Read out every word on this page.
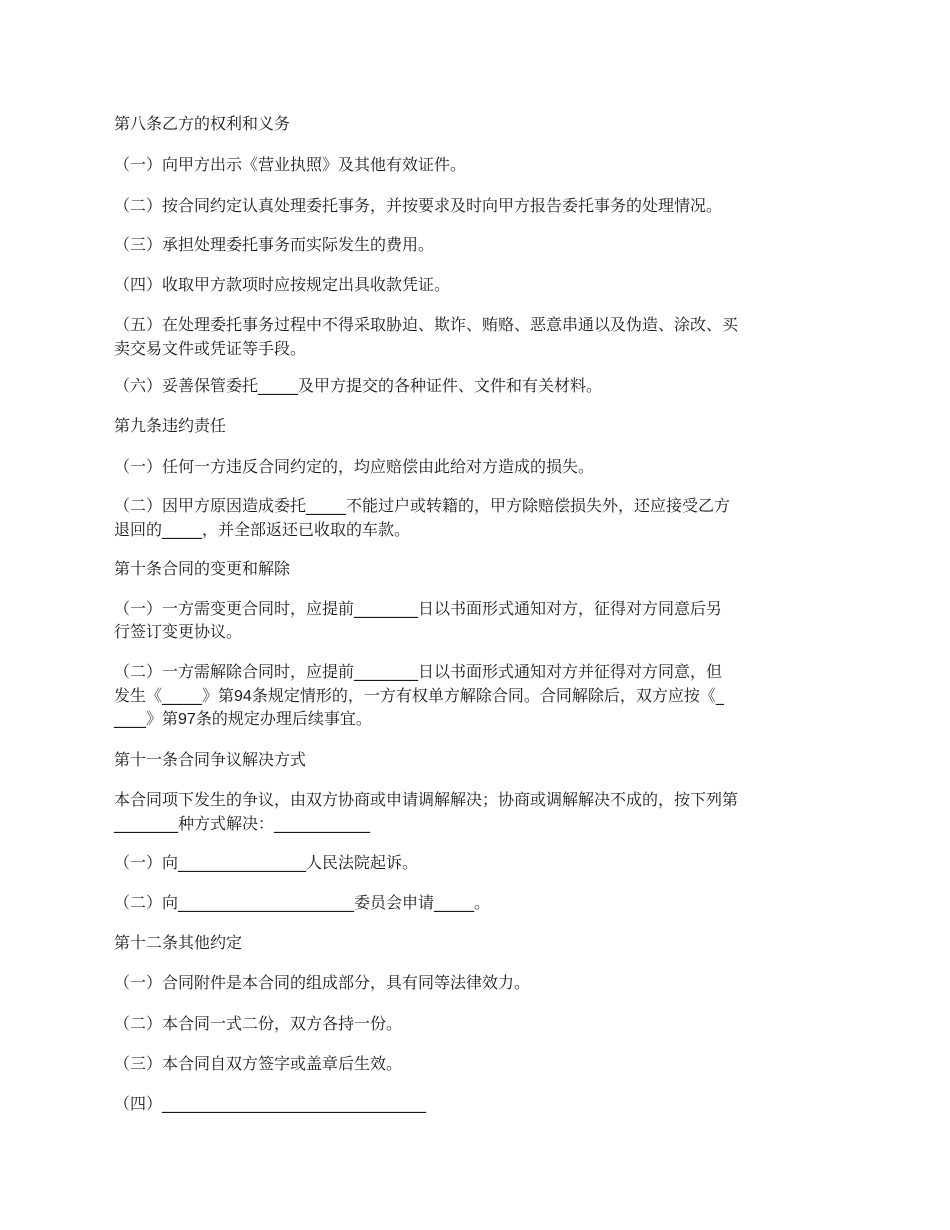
第八条乙方的权利和义务

（一）向甲方出示《营业执照》及其他有效证件。

（二）按合同约定认真处理委托事务，并按要求及时向甲方报告委托事务的处理情况。

（三）承担处理委托事务而实际发生的费用。

（四）收取甲方款项时应按规定出具收款凭证。

（五）在处理委托事务过程中不得采取胁迫、欺诈、贿赂、恶意串通以及伪造、涂改、买

卖交易文件或凭证等手段。

（六）妥善保管委托_____及甲方提交的各种证件、文件和有关材料。

第九条违约责任

（一）任何一方违反合同约定的，均应赔偿由此给对方造成的损失。

（二）因甲方原因造成委托_____不能过户或转籍的，甲方除赔偿损失外，还应接受乙方

退回的_____，并全部返还已收取的车款。

第十条合同的变更和解除

（一）一方需变更合同时，应提前________日以书面形式通知对方，征得对方同意后另

行签订变更协议。

（二）一方需解除合同时，应提前________日以书面形式通知对方并征得对方同意，但

发生《_____》第94条规定情形的，一方有权单方解除合同。合同解除后，双方应按《_

____》第97条的规定办理后续事宜。

第十一条合同争议解决方式

本合同项下发生的争议，由双方协商或申请调解解决；协商或调解解决不成的，按下列第

________种方式解决：____________

（一）向________________人民法院起诉。

（二）向______________________委员会申请_____。

第十二条其他约定

（一）合同附件是本合同的组成部分，具有同等法律效力。

（二）本合同一式二份，双方各持一份。

（三）本合同自双方签字或盖章后生效。

（四）_________________________________
